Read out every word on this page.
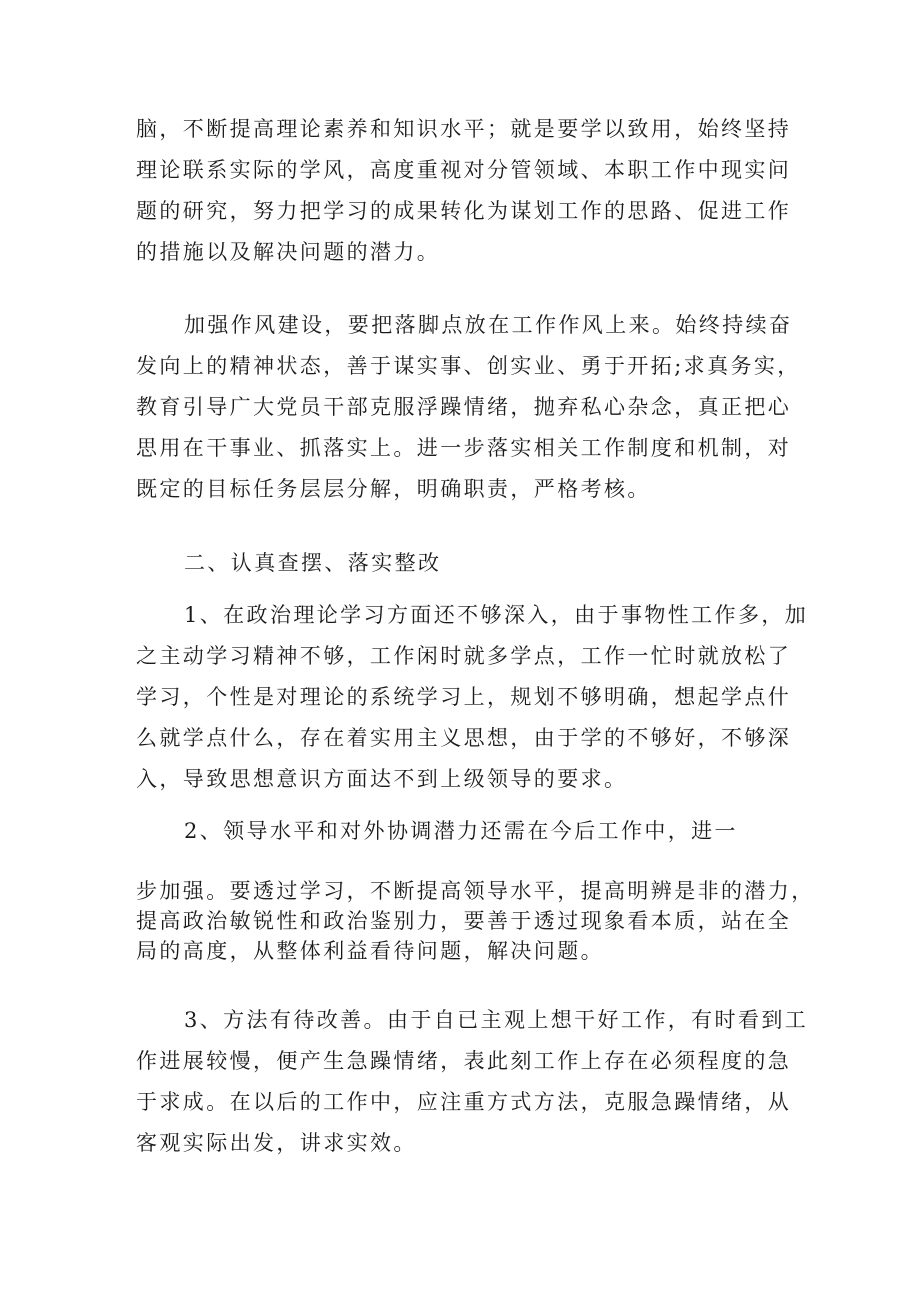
脑，不断提高理论素养和知识水平；就是要学以致用，始终坚持
理论联系实际的学风，高度重视对分管领域、本职工作中现实问
题的研究，努力把学习的成果转化为谋划工作的思路、促进工作
的措施以及解决问题的潜力。
加强作风建设，要把落脚点放在工作作风上来。始终持续奋
发向上的精神状态，善于谋实事、创实业、勇于开拓;求真务实，
教育引导广大党员干部克服浮躁情绪，抛弃私心杂念，真正把心
思用在干事业、抓落实上。进一步落实相关工作制度和机制，对
既定的目标任务层层分解，明确职责，严格考核。
二、认真查摆、落实整改
1、在政治理论学习方面还不够深入，由于事物性工作多，加
之主动学习精神不够，工作闲时就多学点，工作一忙时就放松了
学习，个性是对理论的系统学习上，规划不够明确，想起学点什
么就学点什么，存在着实用主义思想，由于学的不够好，不够深
入，导致思想意识方面达不到上级领导的要求。
2、领导水平和对外协调潜力还需在今后工作中，进一
步加强。要透过学习，不断提高领导水平，提高明辨是非的潜力，
提高政治敏锐性和政治鉴别力，要善于透过现象看本质，站在全
局的高度，从整体利益看待问题，解决问题。
3、方法有待改善。由于自已主观上想干好工作，有时看到工
作进展较慢，便产生急躁情绪，表此刻工作上存在必须程度的急
于求成。在以后的工作中，应注重方式方法，克服急躁情绪，从
客观实际出发，讲求实效。
